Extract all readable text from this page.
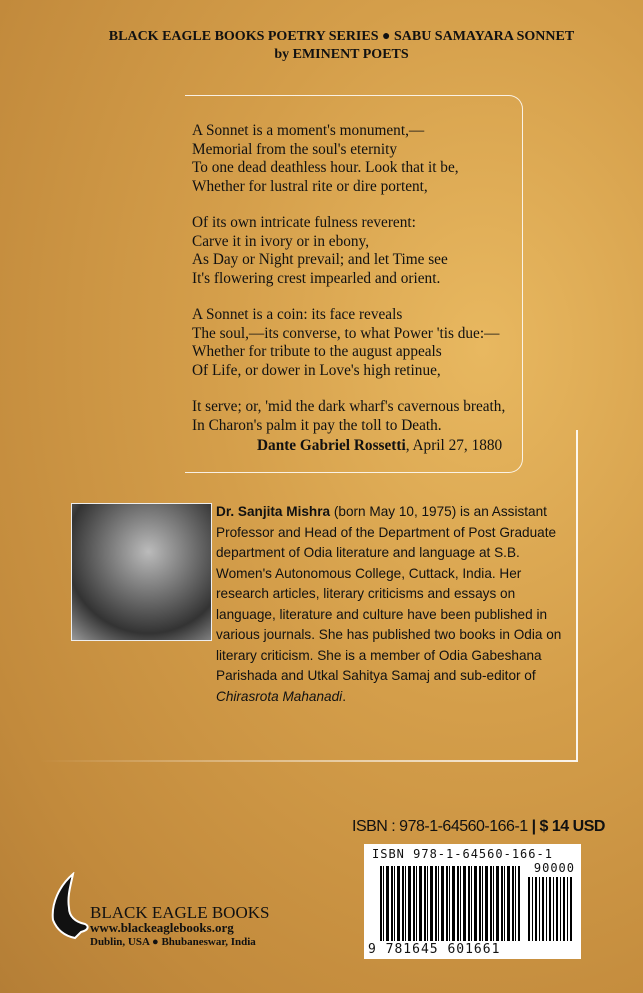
BLACK EAGLE BOOKS POETRY SERIES ● SABU SAMAYARA SONNET
by EMINENT POETS
A Sonnet is a moment's monument,—
Memorial from the soul's eternity
To one dead deathless hour. Look that it be,
Whether for lustral rite or dire portent,
Of its own intricate fulness reverent:
Carve it in ivory or in ebony,
As Day or Night prevail; and let Time see
It's flowering crest impearled and orient.
A Sonnet is a coin: its face reveals
The soul,—its converse, to what Power 'tis due:—
Whether for tribute to the august appeals
Of Life, or dower in Love's high retinue,
It serve; or, 'mid the dark wharf's cavernous breath,
In Charon's palm it pay the toll to Death.
Dante Gabriel Rossetti, April 27, 1880
Dr. Sanjita Mishra (born May 10, 1975) is an Assistant Professor and Head of the Department of Post Graduate department of Odia literature and language at S.B. Women's Autonomous College, Cuttack, India. Her research articles, literary criticisms and essays on language, literature and culture have been published in various journals. She has published two books in Odia on literary criticism. She is a member of Odia Gabeshana Parishada and Utkal Sahitya Samaj and sub-editor of Chirasrota Mahanadi.
ISBN : 978-1-64560-166-1 | $ 14 USD
ISBN 978-1-64560-166-1
90000
9 781645 601661
BLACK EAGLE BOOKS
www.blackeaglebooks.org
Dublin, USA ● Bhubaneswar, India
